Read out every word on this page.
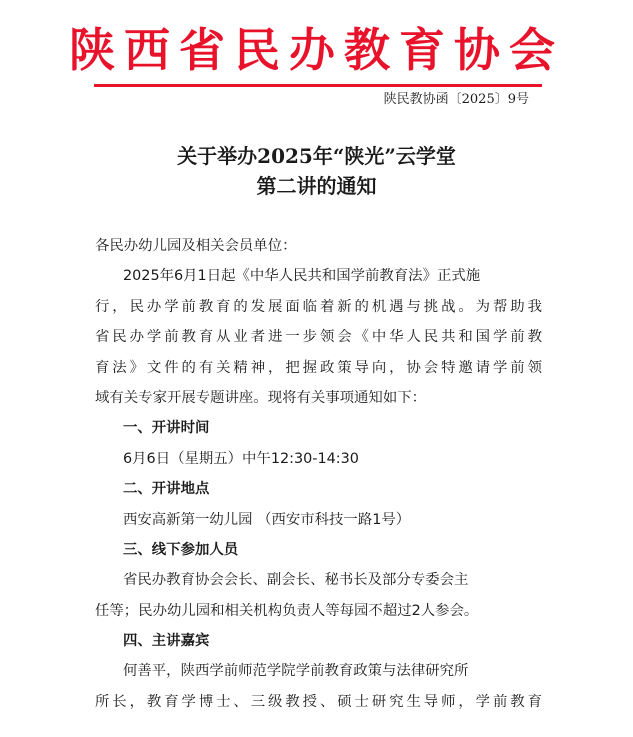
陕西省民办教育协会
陕民教协函〔2025〕9号
关于举办2025年“陕光”云学堂
第二讲的通知
各民办幼儿园及相关会员单位：
2025年6月1日起《中华人民共和国学前教育法》正式施
行，民办学前教育的发展面临着新的机遇与挑战。为帮助我
省民办学前教育从业者进一步领会《中华人民共和国学前教
育法》文件的有关精神，把握政策导向，协会特邀请学前领
域有关专家开展专题讲座。现将有关事项通知如下：
一、开讲时间
6月6日（星期五）中午12:30-14:30
二、开讲地点
西安高新第一幼儿园 （西安市科技一路1号）
三、线下参加人员
省民办教育协会会长、副会长、秘书长及部分专委会主
任等；民办幼儿园和相关机构负责人等每园不超过2人参会。
四、主讲嘉宾
何善平，陕西学前师范学院学前教育政策与法律研究所
所长，教育学博士、三级教授、硕士研究生导师，学前教育
